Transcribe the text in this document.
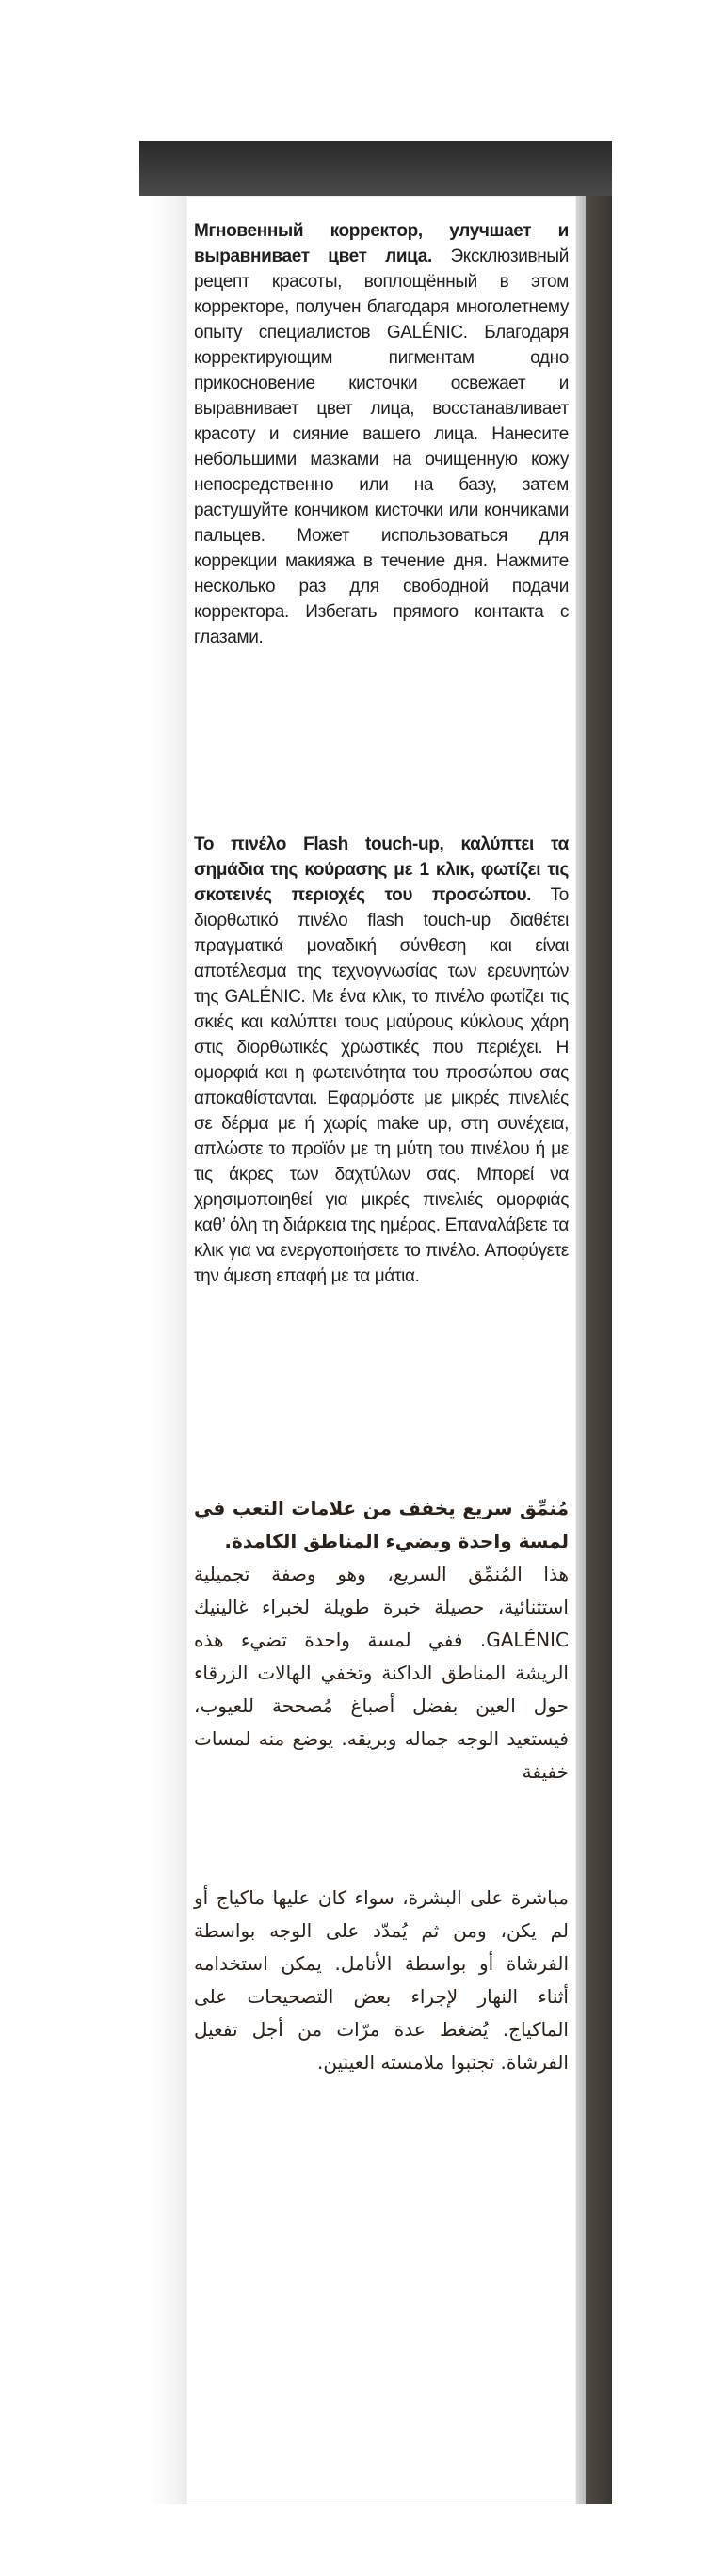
Мгновенный корректор, улучшает и выравнивает цвет лица. Эксклюзивный рецепт красоты, воплощённый в этом корректоре, получен благодаря многолетнему опыту специалистов GALÉNIC. Благодаря корректирующим пигментам одно прикосновение кисточки освежает и выравнивает цвет лица, восстанавливает красоту и сияние вашего лица. Нанесите небольшими мазками на очищенную кожу непосредственно или на базу, затем растушуйте кончиком кисточки или кончиками пальцев. Может использоваться для коррекции макияжа в течение дня. Нажмите несколько раз для свободной подачи корректора. Избегать прямого контакта с глазами.

Το πινέλο Flash touch-up, καλύπτει τα σημάδια της κούρασης με 1 κλικ, φωτίζει τις σκοτεινές περιοχές του προσώπου. Το διορθωτικό πινέλο flash touch-up διαθέτει πραγματικά μοναδική σύνθεση και είναι αποτέλεσμα της τεχνογνωσίας των ερευνητών της GALÉNIC. Με ένα κλικ, το πινέλο φωτίζει τις σκιές και καλύπτει τους μαύρους κύκλους χάρη στις διορθωτικές χρωστικές που περιέχει. Η ομορφιά και η φωτεινότητα του προσώπου σας αποκαθίστανται. Εφαρμόστε με μικρές πινελιές σε δέρμα με ή χωρίς make up, στη συνέχεια, απλώστε το προϊόν με τη μύτη του πινέλου ή με τις άκρες των δαχτύλων σας. Μπορεί να χρησιμοποιηθεί για μικρές πινελιές ομορφιάς καθ’ όλη τη διάρκεια της ημέρας. Επαναλάβετε τα κλικ για να ενεργοποιήσετε το πινέλο. Αποφύγετε την άμεση επαφή με τα μάτια.

مُنمِّق سريع يخفف من علامات التعب في لمسة واحدة ويضيء المناطق الكامدة.
هذا المُنمِّق السريع، وهو وصفة تجميلية استثنائية، حصيلة خبرة طويلة لخبراء غالينيك GALÉNIC. ففي لمسة واحدة تضيء هذه الريشة المناطق الداكنة وتخفي الهالات الزرقاء حول العين بفضل أصباغ مُصححة للعيوب، فيستعيد الوجه جماله وبريقه. يوضع منه لمسات خفيفة

مباشرة على البشرة، سواء كان عليها ماكياج أو لم يكن، ومن ثم يُمدّد على الوجه بواسطة الفرشاة أو بواسطة الأنامل. يمكن استخدامه أثناء النهار لإجراء بعض التصحيحات على الماكياج. يُضغط عدة مرّات من أجل تفعيل الفرشاة. تجنبوا ملامسته العينين.
